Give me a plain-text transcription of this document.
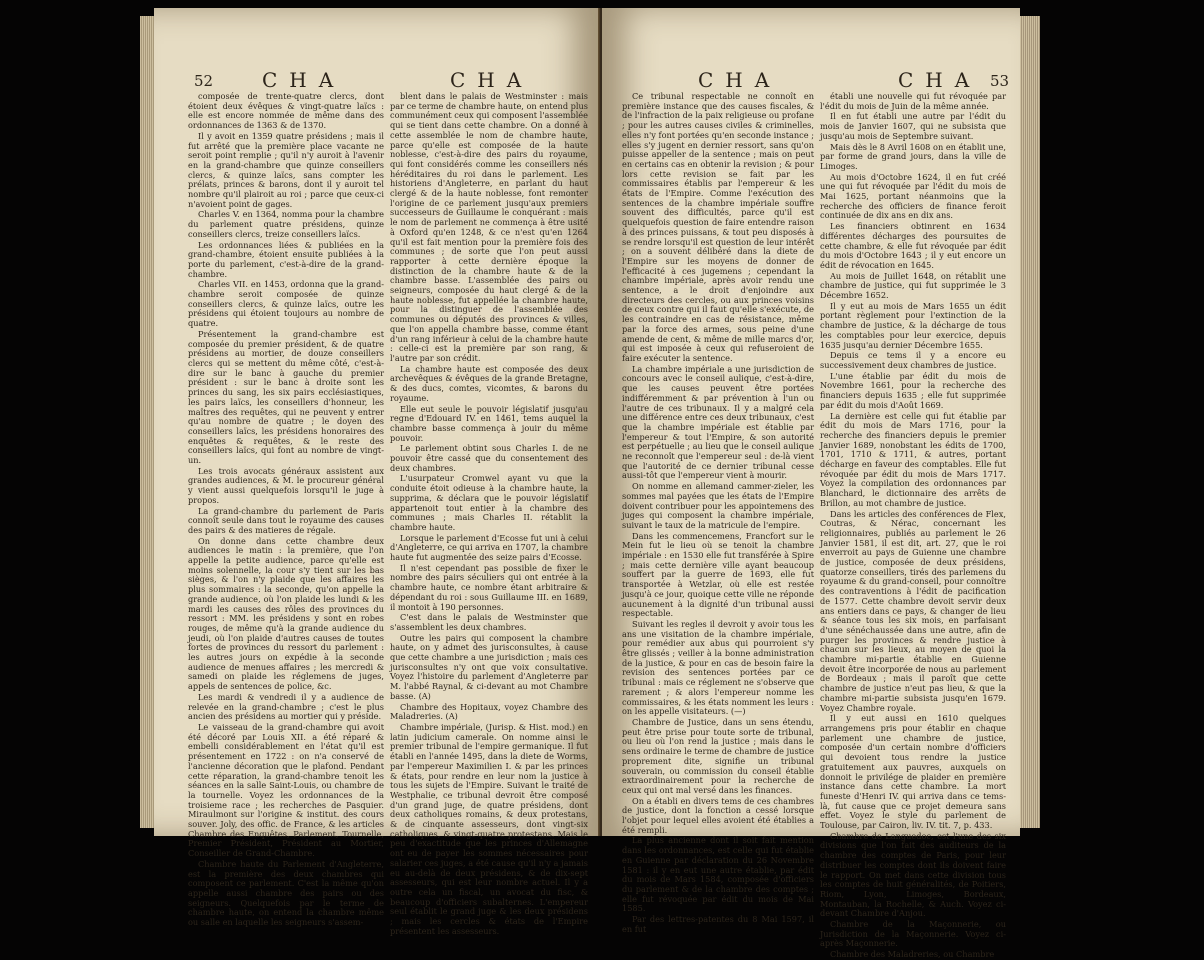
52 CHA	CHA

composée de trente-quatre clercs, dont étoient deux évêques & vingt-quatre laïcs : elle est encore nommée de même dans des ordonnances de 1363 & de 1370.

Il y avoit en 1359 quatre présidens ; mais il fut arrêté que la première place vacante ne seroit point remplie ; qu'il n'y auroit à l'avenir en la grand-chambre que quinze conseillers clercs, & quinze laïcs, sans compter les prélats, princes & barons, dont il y auroit tel nombre qu'il plairoit au roi ; parce que ceux-ci n'avoient point de gages.

Charles V. en 1364, nomma pour la chambre du parlement quatre présidens, quinze conseillers clercs, treize conseillers laïcs.

Les ordonnances liées & publiées en la grand-chambre, étoient ensuite publiées à la porte du parlement, c'est-à-dire de la grand-chambre.

Charles VII. en 1453, ordonna que la grand-chambre seroit composée de quinze conseillers clercs, & quinze laïcs, outre les présidens qui étoient toujours au nombre de quatre.

Présentement la grand-chambre est composée du premier président, & de quatre présidens au mortier, de douze conseillers clercs qui se mettent du même côté, c'est-à-dire sur le banc à gauche du premier président : sur le banc à droite sont les princes du sang, les six pairs ecclésiastiques, les pairs laïcs, les conseillers d'honneur, les maîtres des requêtes, qui ne peuvent y entrer qu'au nombre de quatre ; le doyen des conseillers laïcs, les présidens honoraires des enquêtes & requêtes, & le reste des conseillers laïcs, qui font au nombre de vingt-un.

Les trois avocats généraux assistent aux grandes audiences, & M. le procureur général y vient aussi quelquefois lorsqu'il le juge à propos.

La grand-chambre du parlement de Paris connoît seule dans tout le royaume des causes des pairs & des matieres de régale.

On donne dans cette chambre deux audiences le matin : la première, que l'on appelle la petite audience, parce qu'elle est moins solennelle, la cour s'y tient sur les bas sièges, & l'on n'y plaide que les affaires les plus sommaires : la seconde, qu'on appelle la grande audience, où l'on plaide les lundi & les mardi les causes des rôles des provinces du ressort : MM. les présidens y sont en robes rouges, de même qu'à la grande audience du jeudi, où l'on plaide d'autres causes de toutes fortes de provinces du ressort du parlement : les autres jours on expédie à la seconde audience de menues affaires ; les mercredi & samedi on plaide les réglemens de juges, appels de sentences de police, &c.

Les mardi & vendredi il y a audience de relevée en la grand-chambre ; c'est le plus ancien des présidens au mortier qui y préside.

Le vaisseau de la grand-chambre qui avoit été décoré par Louis XII. a été réparé & embelli considérablement en l'état qu'il est présentement en 1722 : on n'a conservé de l'ancienne décoration que le plafond. Pendant cette réparation, la grand-chambre tenoit les séances en la salle Saint-Louis, ou chambre de la tournelle. Voyez les ordonnances de la troisieme race ; les recherches de Pasquier. Miraulmont sur l'origine & institut. des cours souver. Joly, des offic. de France, & les articles Chambre des Enquêtes, Parlement, Tournelle, Premier Président, Président au Mortier, Conseiller de Grand-Chambre.

Chambre haute du Parlement d'Angleterre, est la première des deux chambres qui composent ce parlement. C'est la même qu'on appelle aussi chambre des pairs ou des seigneurs. Quelquefois par le terme de chambre haute, on entend la chambre même ou salle en laquelle les seigneurs s'assem-

blent dans le palais de Westminster : mais par ce terme de chambre haute, on entend plus communément ceux qui composent l'assemblée qui se tient dans cette chambre. On a donné à cette assemblée le nom de chambre haute, parce qu'elle est composée de la haute noblesse, c'est-à-dire des pairs du royaume, qui font considérés comme les conseillers nés héréditaires du roi dans le parlement. Les historiens d'Angleterre, en parlant du haut clergé & de la haute noblesse, font remonter l'origine de ce parlement jusqu'aux premiers successeurs de Guillaume le conquérant : mais le nom de parlement ne commença à être usité à Oxford qu'en 1248, & ce n'est qu'en 1264 qu'il est fait mention pour la première fois des communes ; de sorte que l'on peut aussi rapporter à cette dernière époque la distinction de la chambre haute & de la chambre basse. L'assemblée des pairs ou seigneurs, composée du haut clergé & de la haute noblesse, fut appellée la chambre haute, pour la distinguer de l'assemblée des communes ou députés des provinces & villes, que l'on appella chambre basse, comme étant d'un rang inférieur à celui de la chambre haute : celle-ci est la première par son rang, & l'autre par son crédit.

La chambre haute est composée des deux archevêques & évêques de la grande Bretagne, & des ducs, comtes, vicomtes, & barons du royaume.

Elle eut seule le pouvoir législatif jusqu'au regne d'Edouard IV. en 1461, tems auquel la chambre basse commença à jouir du même pouvoir.

Le parlement obtint sous Charles I. de ne pouvoir être cassé que du consentement des deux chambres.

L'usurpateur Cromwel ayant vu que la conduite étoit odieuse à la chambre haute, la supprima, & déclara que le pouvoir législatif appartenoit tout entier à la chambre des communes ; mais Charles II. rétablit la chambre haute.

Lorsque le parlement d'Ecosse fut uni à celui d'Angleterre, ce qui arriva en 1707, la chambre haute fut augmentée des seize pairs d'Ecosse.

Il n'est cependant pas possible de fixer le nombre des pairs séculiers qui ont entrée à la chambre haute, ce nombre étant arbitraire & dépendant du roi : sous Guillaume III. en 1689, il montoit à 190 personnes.

C'est dans le palais de Westminster que s'assemblent les deux chambres.

Outre les pairs qui composent la chambre haute, on y admet des jurisconsultes, à cause que cette chambre a une jurisdiction ; mais ces jurisconsultes n'y ont que voix consultative. Voyez l'histoire du parlement d'Angleterre par M. l'abbé Raynal, & ci-devant au mot Chambre basse. (A)

Chambre des Hopitaux, voyez Chambre des Maladreries. (A)

Chambre impériale, (Jurisp. & Hist. mod.) en latin judicium camerale. On nomme ainsi le premier tribunal de l'empire germanique. Il fut établi en l'année 1495, dans la diete de Worms, par l'empereur Maximilien I. & par les princes & états, pour rendre en leur nom la justice à tous les sujets de l'Empire. Suivant le traité de Westphalie, ce tribunal devroit être composé d'un grand juge, de quatre présidens, dont deux catholiques romains, & deux protestans, & de cinquante assesseurs, dont vingt-six catholiques, & vingt-quatre protestans. Mais le peu d'exactitude que les princes d'Allemagne ont eu de payer les sommes nécessaires pour salarier ces juges, a été cause qu'il n'y a jamais eu au-delà de deux présidens, & de dix-sept assesseurs, qui est leur nombre actuel. Il y a outre cela un fiscal, un avocat du fisc, & beaucoup d'officiers subalternes. L'empereur seul établit le grand juge & les deux présidens ; mais les cercles & états de l'Empire présentent les assesseurs.

CHA	CHA 53

Ce tribunal respectable ne connoît en première instance que des causes fiscales, & de l'infraction de la paix religieuse ou profane ; pour les autres causes civiles & criminelles, elles n'y font portées qu'en seconde instance ; elles s'y jugent en dernier ressort, sans qu'on puisse appeller de la sentence ; mais on peut en certains cas en obtenir la revision ; & pour lors cette revision se fait par les commissaires établis par l'empereur & les états de l'Empire. Comme l'exécution des sentences de la chambre impériale souffre souvent des difficultés, parce qu'il est quelquefois question de faire entendre raison à des princes puissans, & tout peu disposés à se rendre lorsqu'il est question de leur intérêt ; on a souvent délibéré dans la diete de l'Empire sur les moyens de donner de l'efficacité à ces jugemens ; cependant la chambre impériale, après avoir rendu une sentence, a le droit d'enjoindre aux directeurs des cercles, ou aux princes voisins de ceux contre qui il faut qu'elle s'exécute, de les contraindre en cas de résistance, même par la force des armes, sous peine d'une amende de cent, & même de mille marcs d'or, qui est imposée à ceux qui refuseroient de faire exécuter la sentence.

La chambre impériale a une jurisdiction de concours avec le conseil aulique, c'est-à-dire, que les causes peuvent être portées indifféremment & par prévention à l'un ou l'autre de ces tribunaux. Il y a malgré cela une différence entre ces deux tribunaux, c'est que la chambre impériale est établie par l'empereur & tout l'Empire, & son autorité est perpétuelle ; au lieu que le conseil aulique ne reconnoît que l'empereur seul : de-là vient que l'autorité de ce dernier tribunal cesse aussi-tôt que l'empereur vient à mourir.

On nomme en allemand cammer-zieler, les sommes mal payées que les états de l'Empire doivent contribuer pour les appointemens des juges qui composent la chambre impériale, suivant le taux de la matricule de l'empire.

Dans les commencemens, Francfort sur le Mein fut le lieu où se tenoit la chambre impériale : en 1530 elle fut transférée à Spire ; mais cette dernière ville ayant beaucoup souffert par la guerre de 1693, elle fut transportée à Wetzlar, où elle est restée jusqu'à ce jour, quoique cette ville ne réponde aucunement à la dignité d'un tribunal aussi respectable.

Suivant les regles il devroit y avoir tous les ans une visitation de la chambre impériale, pour remédier aux abus qui pourroient s'y être glissés ; veiller à la bonne administration de la justice, & pour en cas de besoin faire la revision des sentences portées par ce tribunal : mais ce réglement ne s'observe que rarement ; & alors l'empereur nomme les commissaires, & les états nomment les leurs : on les appelle visitateurs. (—)

Chambre de Justice, dans un sens étendu, peut être prise pour toute sorte de tribunal, ou lieu où l'on rend la justice ; mais dans le sens ordinaire le terme de chambre de justice proprement dite, signifie un tribunal souverain, ou commission du conseil établie extraordinairement pour la recherche de ceux qui ont mal versé dans les finances.

On a établi en divers tems de ces chambres de justice, dont la fonction a cessé lorsque l'objet pour lequel elles avoient été établies a été rempli.

La plus ancienne dont il soit fait mention dans les ordonnances, est celle qui fut établie en Guienne par déclaration du 26 Novembre 1581 : il y en eut une autre établie, par édit du mois de Mars 1584, composée d'officiers du parlement & de la chambre des comptes ; elle fut révoquée par édit du mois de Mai 1585.

Par des lettres-patentes du 8 Mai 1597, il en fut

établi une nouvelle qui fut révoquée par l'édit du mois de Juin de la même année.

Il en fut établi une autre par l'édit du mois de Janvier 1607, qui ne subsista que jusqu'au mois de Septembre suivant.

Mais dès le 8 Avril 1608 on en établit une, par forme de grand jours, dans la ville de Limoges.

Au mois d'Octobre 1624, il en fut créé une qui fut révoquée par l'édit du mois de Mai 1625, portant néanmoins que la recherche des officiers de finance feroit continuée de dix ans en dix ans.

Les financiers obtinrent en 1634 différentes décharges des poursuites de cette chambre, & elle fut révoquée par édit du mois d'Octobre 1643 ; il y eut encore un édit de révocation en 1645.

Au mois de Juillet 1648, on rétablit une chambre de justice, qui fut supprimée le 3 Décembre 1652.

Il y eut au mois de Mars 1655 un édit portant règlement pour l'extinction de la chambre de justice, & la décharge de tous les comptables pour leur exercice, depuis 1635 jusqu'au dernier Décembre 1655.

Depuis ce tems il y a encore eu successivement deux chambres de justice.

L'une établie par édit du mois de Novembre 1661, pour la recherche des financiers depuis 1635 ; elle fut supprimée par édit du mois d'Août 1669.

La dernière est celle qui fut établie par édit du mois de Mars 1716, pour la recherche des financiers depuis le premier Janvier 1689, nonobstant les édits de 1700, 1701, 1710 & 1711, & autres, portant décharge en faveur des comptables. Elle fut révoquée par édit du mois de Mars 1717. Voyez la compilation des ordonnances par Blanchard, le dictionnaire des arrêts de Brillon, au mot chambre de justice.

Dans les articles des conférences de Flex, Coutras, & Nérac, concernant les religionnaires, publiés au parlement le 26 Janvier 1581, il est dit, art. 27, que le roi enverroit au pays de Guienne une chambre de justice, composée de deux présidens, quatorze conseillers, tirés des parlemens du royaume & du grand-conseil, pour connoître des contraventions à l'édit de pacification de 1577. Cette chambre devoit servir deux ans entiers dans ce pays, & changer de lieu & séance tous les six mois, en parfaisant d'une sénéchaussée dans une autre, afin de purger les provinces & rendre justice à chacun sur les lieux, au moyen de quoi la chambre mi-partie établie en Guienne devoit être incorporée de nous au parlement de Bordeaux ; mais il paroît que cette chambre de justice n'eut pas lieu, & que la chambre mi-partie subsista jusqu'en 1679. Voyez Chambre royale.

Il y eut aussi en 1610 quelques arrangemens pris pour établir en chaque parlement une chambre de justice, composée d'un certain nombre d'officiers qui devoient tous rendre la justice gratuitement aux pauvres, auxquels on donnoit le privilége de plaider en première instance dans cette chambre. La mort funeste d'Henri IV. qui arriva dans ce tems-là, fut cause que ce projet demeura sans effet. Voyez le style du parlement de Toulouse, par Cairon, liv. IV. tit. 7, p. 433.

Chambre de Languedoc, est l'une des six divisions que l'on fait des auditeurs de la chambre des comptes de Paris, pour leur distribuer les comptes dont ils doivent faire le rapport. On met dans cette division tous les comptes de huit généralités, de Poitiers, Riom, Lyon, Limoges, Bordeaux, Montauban, la Rochelle, & Auch. Voyez ci-devant Chambre d'Anjou.

Chambre de la Maçonnerie, ou Jurisdiction de la Maçonnerie. Voyez ci-après Maçonnerie.

Chambre des Maladreries, ou Chambre
